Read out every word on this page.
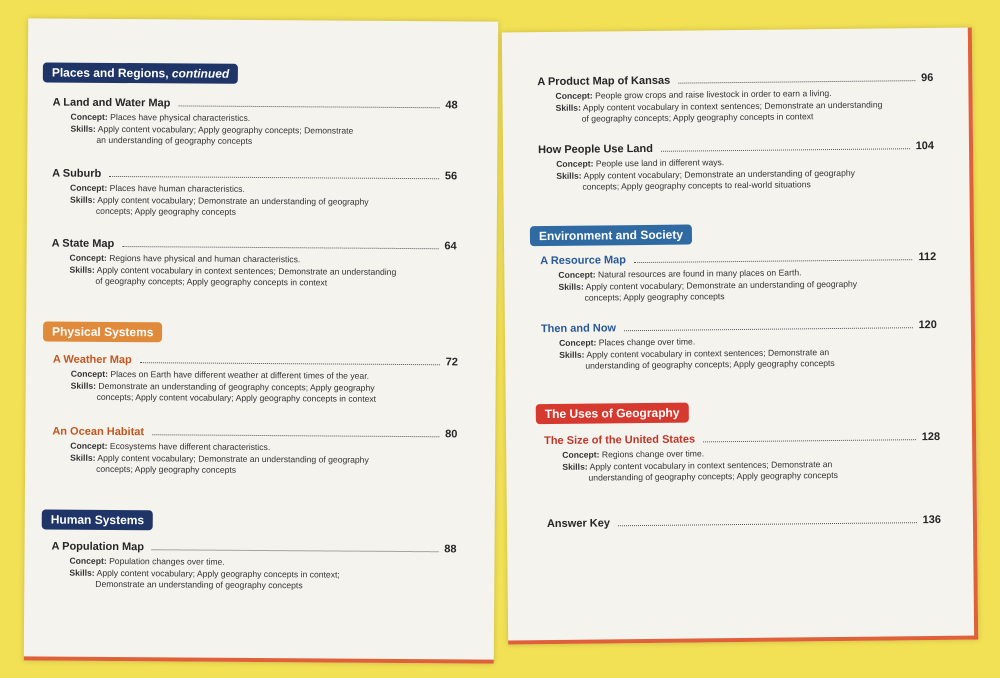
Places and Regions, continued
A Land and Water Map	48
Concept: Places have physical characteristics.
Skills: Apply content vocabulary; Apply geography concepts; Demonstrate
an understanding of geography concepts
A Suburb	56
Concept: Places have human characteristics.
Skills: Apply content vocabulary; Demonstrate an understanding of geography
concepts; Apply geography concepts
A State Map	64
Concept: Regions have physical and human characteristics.
Skills: Apply content vocabulary in context sentences; Demonstrate an understanding
of geography concepts; Apply geography concepts in context
Physical Systems
A Weather Map	72
Concept: Places on Earth have different weather at different times of the year.
Skills: Demonstrate an understanding of geography concepts; Apply geography
concepts; Apply content vocabulary; Apply geography concepts in context
An Ocean Habitat	80
Concept: Ecosystems have different characteristics.
Skills: Apply content vocabulary; Demonstrate an understanding of geography
concepts; Apply geography concepts
Human Systems
A Population Map	88
Concept: Population changes over time.
Skills: Apply content vocabulary; Apply geography concepts in context;
Demonstrate an understanding of geography concepts
A Product Map of Kansas	96
Concept: People grow crops and raise livestock in order to earn a living.
Skills: Apply content vocabulary in context sentences; Demonstrate an understanding
of geography concepts; Apply geography concepts in context
How People Use Land	104
Concept: People use land in different ways.
Skills: Apply content vocabulary; Demonstrate an understanding of geography
concepts; Apply geography concepts to real-world situations
Environment and Society
A Resource Map	112
Concept: Natural resources are found in many places on Earth.
Skills: Apply content vocabulary; Demonstrate an understanding of geography
concepts; Apply geography concepts
Then and Now	120
Concept: Places change over time.
Skills: Apply content vocabulary in context sentences; Demonstrate an
understanding of geography concepts; Apply geography concepts
The Uses of Geography
The Size of the United States	128
Concept: Regions change over time.
Skills: Apply content vocabulary in context sentences; Demonstrate an
understanding of geography concepts; Apply geography concepts
Answer Key	136
